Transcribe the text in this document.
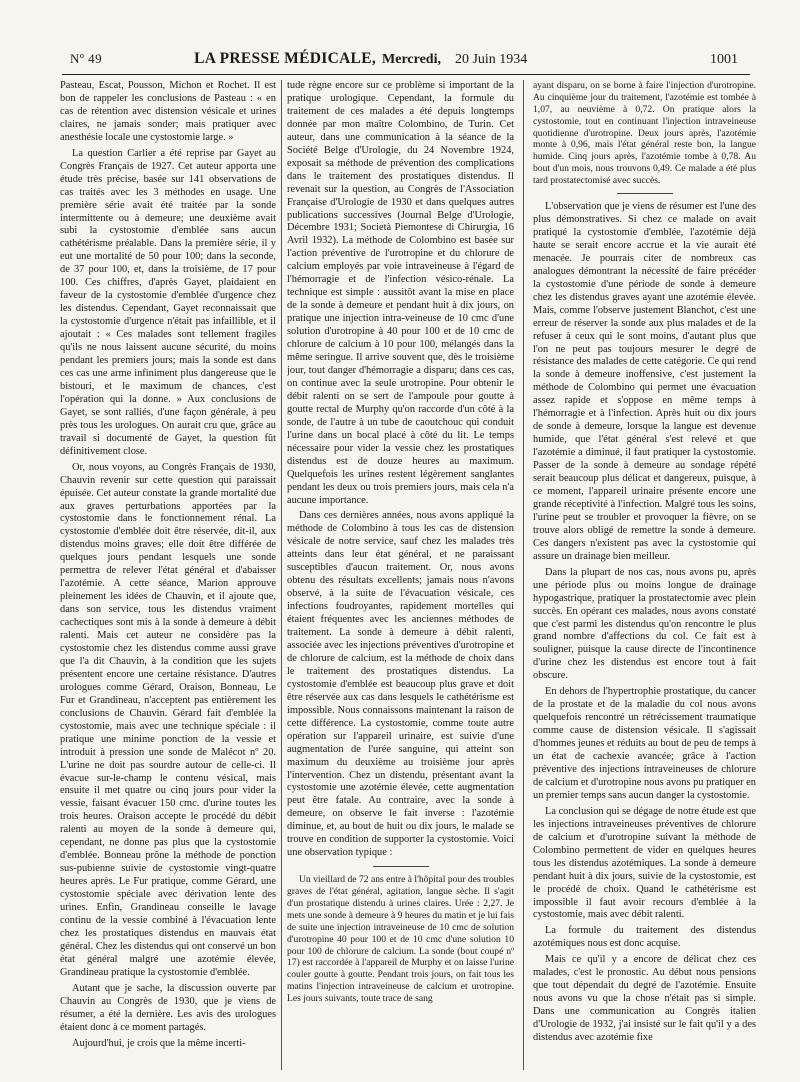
Nº 49	LA PRESSE MÉDICALE, Mercredi, 20 Juin 1934	1001

Pasteau, Escat, Pousson, Michon et Rochet. Il est bon de rappeler les conclusions de Pasteau : « en cas de rétention avec distension vésicale et urines claires, ne jamais sonder; mais pratiquer avec anesthésie locale une cystostomie large. »

La question Carlier a été reprise par Gayet au Congrès Français de 1927. Cet auteur apporta une étude très précise, basée sur 141 observations de cas traités avec les 3 méthodes en usage. Une première série avait été traitée par la sonde intermittente ou à demeure; une deuxième avait subi la cystostomie d'emblée sans aucun cathétérisme préalable. Dans la première série, il y eut une mortalité de 50 pour 100; dans la seconde, de 37 pour 100, et, dans la troisième, de 17 pour 100. Ces chiffres, d'après Gayet, plaidaient en faveur de la cystostomie d'emblée d'urgence chez les distendus. Cependant, Gayet reconnaissait que la cystostomie d'urgence n'était pas infaillible, et il ajoutait : « Ces malades sont tellement fragiles qu'ils ne nous laissent aucune sécurité, du moins pendant les premiers jours; mais la sonde est dans ces cas une arme infiniment plus dangereuse que le bistouri, et le maximum de chances, c'est l'opération qui la donne. » Aux conclusions de Gayet, se sont ralliés, d'une façon générale, à peu près tous les urologues. On aurait cru que, grâce au travail si documenté de Gayet, la question fût définitivement close.

Or, nous voyons, au Congrès Français de 1930, Chauvin revenir sur cette question qui paraissait épuisée. Cet auteur constate la grande mortalité due aux graves perturbations apportées par la cystostomie dans le fonctionnement rénal. La cystostomie d'emblée doit être réservée, dit-il, aux distendus moins graves; elle doit être différée de quelques jours pendant lesquels une sonde permettra de relever l'état général et d'abaisser l'azotémie. A cette séance, Marion approuve pleinement les idées de Chauvin, et il ajoute que, dans son service, tous les distendus vraiment cachectiques sont mis à la sonde à demeure à débit ralenti. Mais cet auteur ne considère pas la cystostomie chez les distendus comme aussi grave que l'a dit Chauvin, à la condition que les sujets présentent encore une certaine résistance. D'autres urologues comme Gérard, Oraison, Bonneau, Le Fur et Grandineau, n'acceptent pas entièrement les conclusions de Chauvin. Gérard fait d'emblée la cystostomie, mais avec une technique spéciale : il pratique une minime ponction de la vessie et introduit à pression une sonde de Malécot nº 20. L'urine ne doit pas sourdre autour de celle-ci. Il évacue sur-le-champ le contenu vésical, mais ensuite il met quatre ou cinq jours pour vider la vessie, faisant évacuer 150 cmc. d'urine toutes les trois heures. Oraison accepte le procédé du débit ralenti au moyen de la sonde à demeure qui, cependant, ne donne pas plus que la cystostomie d'emblée. Bonneau prône la méthode de ponction sus-pubienne suivie de cystostomie vingt-quatre heures après. Le Fur pratique, comme Gérard, une cystostomie spéciale avec dérivation lente des urines. Enfin, Grandineau conseille le lavage continu de la vessie combiné à l'évacuation lente chez les prostatiques distendus en mauvais état général. Chez les distendus qui ont conservé un bon état général malgré une azotémie élevée, Grandineau pratique la cystostomie d'emblée.

Autant que je sache, la discussion ouverte par Chauvin au Congrès de 1930, que je viens de résumer, a été la dernière. Les avis des urologues étaient donc à ce moment partagés.

Aujourd'hui, je crois que la même incerti-

tude règne encore sur ce problème si important de la pratique urologique. Cependant, la formule du traitement de ces malades a été depuis longtemps donnée par mon maître Colombino, de Turin. Cet auteur, dans une communication à la séance de la Société Belge d'Urologie, du 24 Novembre 1924, exposait sa méthode de prévention des complications dans le traitement des prostatiques distendus. Il revenait sur la question, au Congrès de l'Association Française d'Urologie de 1930 et dans quelques autres publications successives (Journal Belge d'Urologie, Décembre 1931; Società Piemontese di Chirurgia, 16 Avril 1932). La méthode de Colombino est basée sur l'action préventive de l'urotropine et du chlorure de calcium employés par voie intraveineuse à l'égard de l'hémorragie et de l'infection vésico-rénale. La technique est simple : aussitôt avant la mise en place de la sonde à demeure et pendant huit à dix jours, on pratique une injection intra-veineuse de 10 cmc d'une solution d'urotropine à 40 pour 100 et de 10 cmc de chlorure de calcium à 10 pour 100, mélangés dans la même seringue. Il arrive souvent que, dès le troisième jour, tout danger d'hémorragie a disparu; dans ces cas, on continue avec la seule urotropine. Pour obtenir le débit ralenti on se sert de l'ampoule pour goutte à goutte rectal de Murphy qu'on raccorde d'un côté à la sonde, de l'autre à un tube de caoutchouc qui conduit l'urine dans un bocal placé à côté du lit. Le temps nécessaire pour vider la vessie chez les prostatiques distendus est de douze heures au maximum. Quelquefois les urines restent légèrement sanglantes pendant les deux ou trois premiers jours, mais cela n'a aucune importance.

Dans ces dernières années, nous avons appliqué la méthode de Colombino à tous les cas de distension vésicale de notre service, sauf chez les malades très atteints dans leur état général, et ne paraissant susceptibles d'aucun traitement. Or, nous avons obtenu des résultats excellents; jamais nous n'avons observé, à la suite de l'évacuation vésicale, ces infections foudroyantes, rapidement mortelles qui étaient fréquentes avec les anciennes méthodes de traitement. La sonde à demeure à débit ralenti, associée avec les injections préventives d'urotropine et de chlorure de calcium, est la méthode de choix dans le traitement des prostatiques distendus. La cystostomie d'emblée est beaucoup plus grave et doit être réservée aux cas dans lesquels le cathétérisme est impossible. Nous connaissons maintenant la raison de cette différence. La cystostomie, comme toute autre opération sur l'appareil urinaire, est suivie d'une augmentation de l'urée sanguine, qui atteint son maximum du deuxième au troisième jour après l'intervention. Chez un distendu, présentant avant la cystostomie une azotémie élevée, cette augmentation peut être fatale. Au contraire, avec la sonde à demeure, on observe le fait inverse : l'azotémie diminue, et, au bout de huit ou dix jours, le malade se trouve en condition de supporter la cystostomie. Voici une observation typique :

Un vieillard de 72 ans entre à l'hôpital pour des troubles graves de l'état général, agitation, langue sèche. Il s'agit d'un prostatique distendu à urines claires. Urée : 2,27. Je mets une sonde à demeure à 9 heures du matin et je lui fais de suite une injection intraveineuse de 10 cmc de solution d'urotropine 40 pour 100 et de 10 cmc d'une solution 10 pour 100 de chlorure de calcium. La sonde (bout coupé nº 17) est raccordée à l'appareil de Murphy et on laisse l'urine couler goutte à goutte. Pendant trois jours, on fait tous les matins l'injection intraveineuse de calcium et urotropine. Les jours suivants, toute trace de sang

ayant disparu, on se borne à faire l'injection d'urotropine. Au cinquième jour du traitement, l'azotémie est tombée à 1,07, au neuvième à 0,72. On pratique alors la cystostomie, tout en continuant l'injection intraveineuse quotidienne d'urotropine. Deux jours après, l'azotémie monte à 0,96, mais l'état général reste bon, la langue humide. Cinq jours après, l'azotémie tombe à 0,78. Au bout d'un mois, nous trouvons 0,49. Ce malade a été plus tard prostatectomisé avec succès.

L'observation que je viens de résumer est l'une des plus démonstratives. Si chez ce malade on avait pratiqué la cystostomie d'emblée, l'azotémie déjà haute se serait encore accrue et la vie aurait été menacée. Je pourrais citer de nombreux cas analogues démontrant la nécessité de faire précéder la cystostomie d'une période de sonde à demeure chez les distendus graves ayant une azotémie élevée. Mais, comme l'observe justement Blanchot, c'est une erreur de réserver la sonde aux plus malades et de la refuser à ceux qui le sont moins, d'autant plus que l'on ne peut pas toujours mesurer le degré de résistance des malades de cette catégorie. Ce qui rend la sonde à demeure inoffensive, c'est justement la méthode de Colombino qui permet une évacuation assez rapide et s'oppose en même temps à l'hémorragie et à l'infection. Après huit ou dix jours de sonde à demeure, lorsque la langue est devenue humide, que l'état général s'est relevé et que l'azotémie a diminué, il faut pratiquer la cystostomie. Passer de la sonde à demeure au sondage répété serait beaucoup plus délicat et dangereux, puisque, à ce moment, l'appareil urinaire présente encore une grande réceptivité à l'infection. Malgré tous les soins, l'urine peut se troubler et provoquer la fièvre, on se trouve alors obligé de remettre la sonde à demeure. Ces dangers n'existent pas avec la cystostomie qui assure un drainage bien meilleur.

Dans la plupart de nos cas, nous avons pu, après une période plus ou moins longue de drainage hypogastrique, pratiquer la prostatectomie avec plein succès. En opérant ces malades, nous avons constaté que c'est parmi les distendus qu'on rencontre le plus grand nombre d'affections du col. Ce fait est à souligner, puisque la cause directe de l'incontinence d'urine chez les distendus est encore tout à fait obscure.

En dehors de l'hypertrophie prostatique, du cancer de la prostate et de la maladie du col nous avons quelquefois rencontré un rétrécissement traumatique comme cause de distension vésicale. Il s'agissait d'hommes jeunes et réduits au bout de peu de temps à un état de cachexie avancée; grâce à l'action préventive des injections intraveineuses de chlorure de calcium et d'urotropine nous avons pu pratiquer en un premier temps sans aucun danger la cystostomie.

La conclusion qui se dégage de notre étude est que les injections intraveineuses préventives de chlorure de calcium et d'urotropine suivant la méthode de Colombino permettent de vider en quelques heures tous les distendus azotémiques. La sonde à demeure pendant huit à dix jours, suivie de la cystostomie, est le procédé de choix. Quand le cathétérisme est impossible il faut avoir recours d'emblée à la cystostomie, mais avec débit ralenti.

La formule du traitement des distendus azotémiques nous est donc acquise.

Mais ce qu'il y a encore de délicat chez ces malades, c'est le pronostic. Au début nous pensions que tout dépendait du degré de l'azotémie. Ensuite nous avons vu que la chose n'était pas si simple. Dans une communication au Congrès italien d'Urologie de 1932, j'ai insisté sur le fait qu'il y a des distendus avec azotémie fixe
